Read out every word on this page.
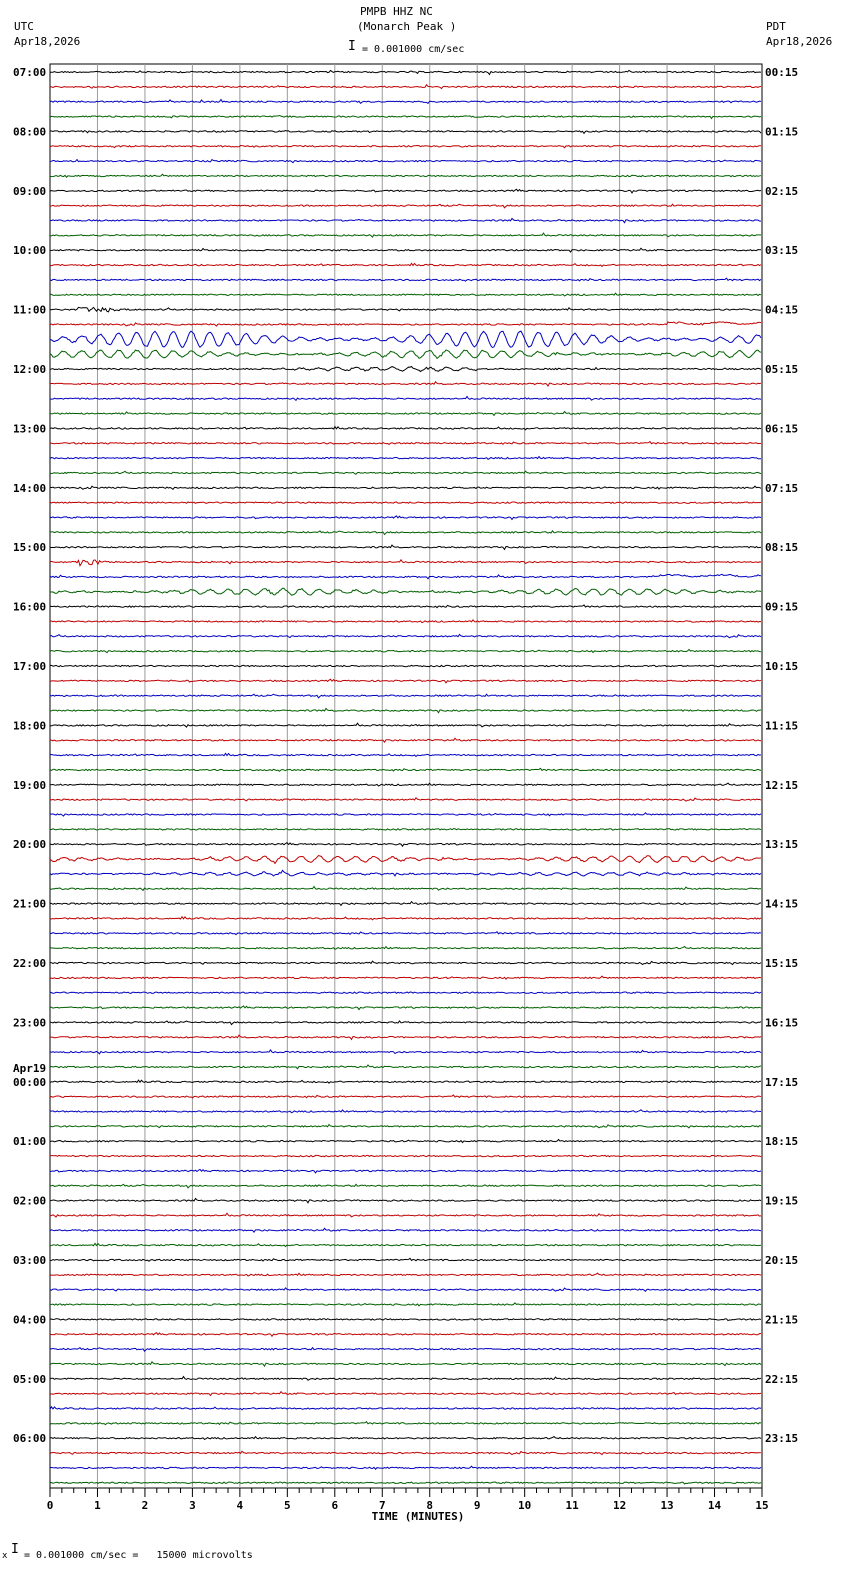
PMPB HHZ NC
(Monarch Peak )
I = 0.001000 cm/sec
UTC
Apr18,2026
PDT
Apr18,2026
07:00	00:15
08:00	01:15
09:00	02:15
10:00	03:15
11:00	04:15
12:00	05:15
13:00	06:15
14:00	07:15
15:00	08:15
16:00	09:15
17:00	10:15
18:00	11:15
19:00	12:15
20:00	13:15
21:00	14:15
22:00	15:15
23:00	16:15
00:00	17:15
Apr19
01:00	18:15
02:00	19:15
03:00	20:15
04:00	21:15
05:00	22:15
06:00	23:15
0	1	2	3	4	5	6	7	8	9	10	11	12	13	14	15
TIME (MINUTES)
x I = 0.001000 cm/sec =   15000 microvolts
